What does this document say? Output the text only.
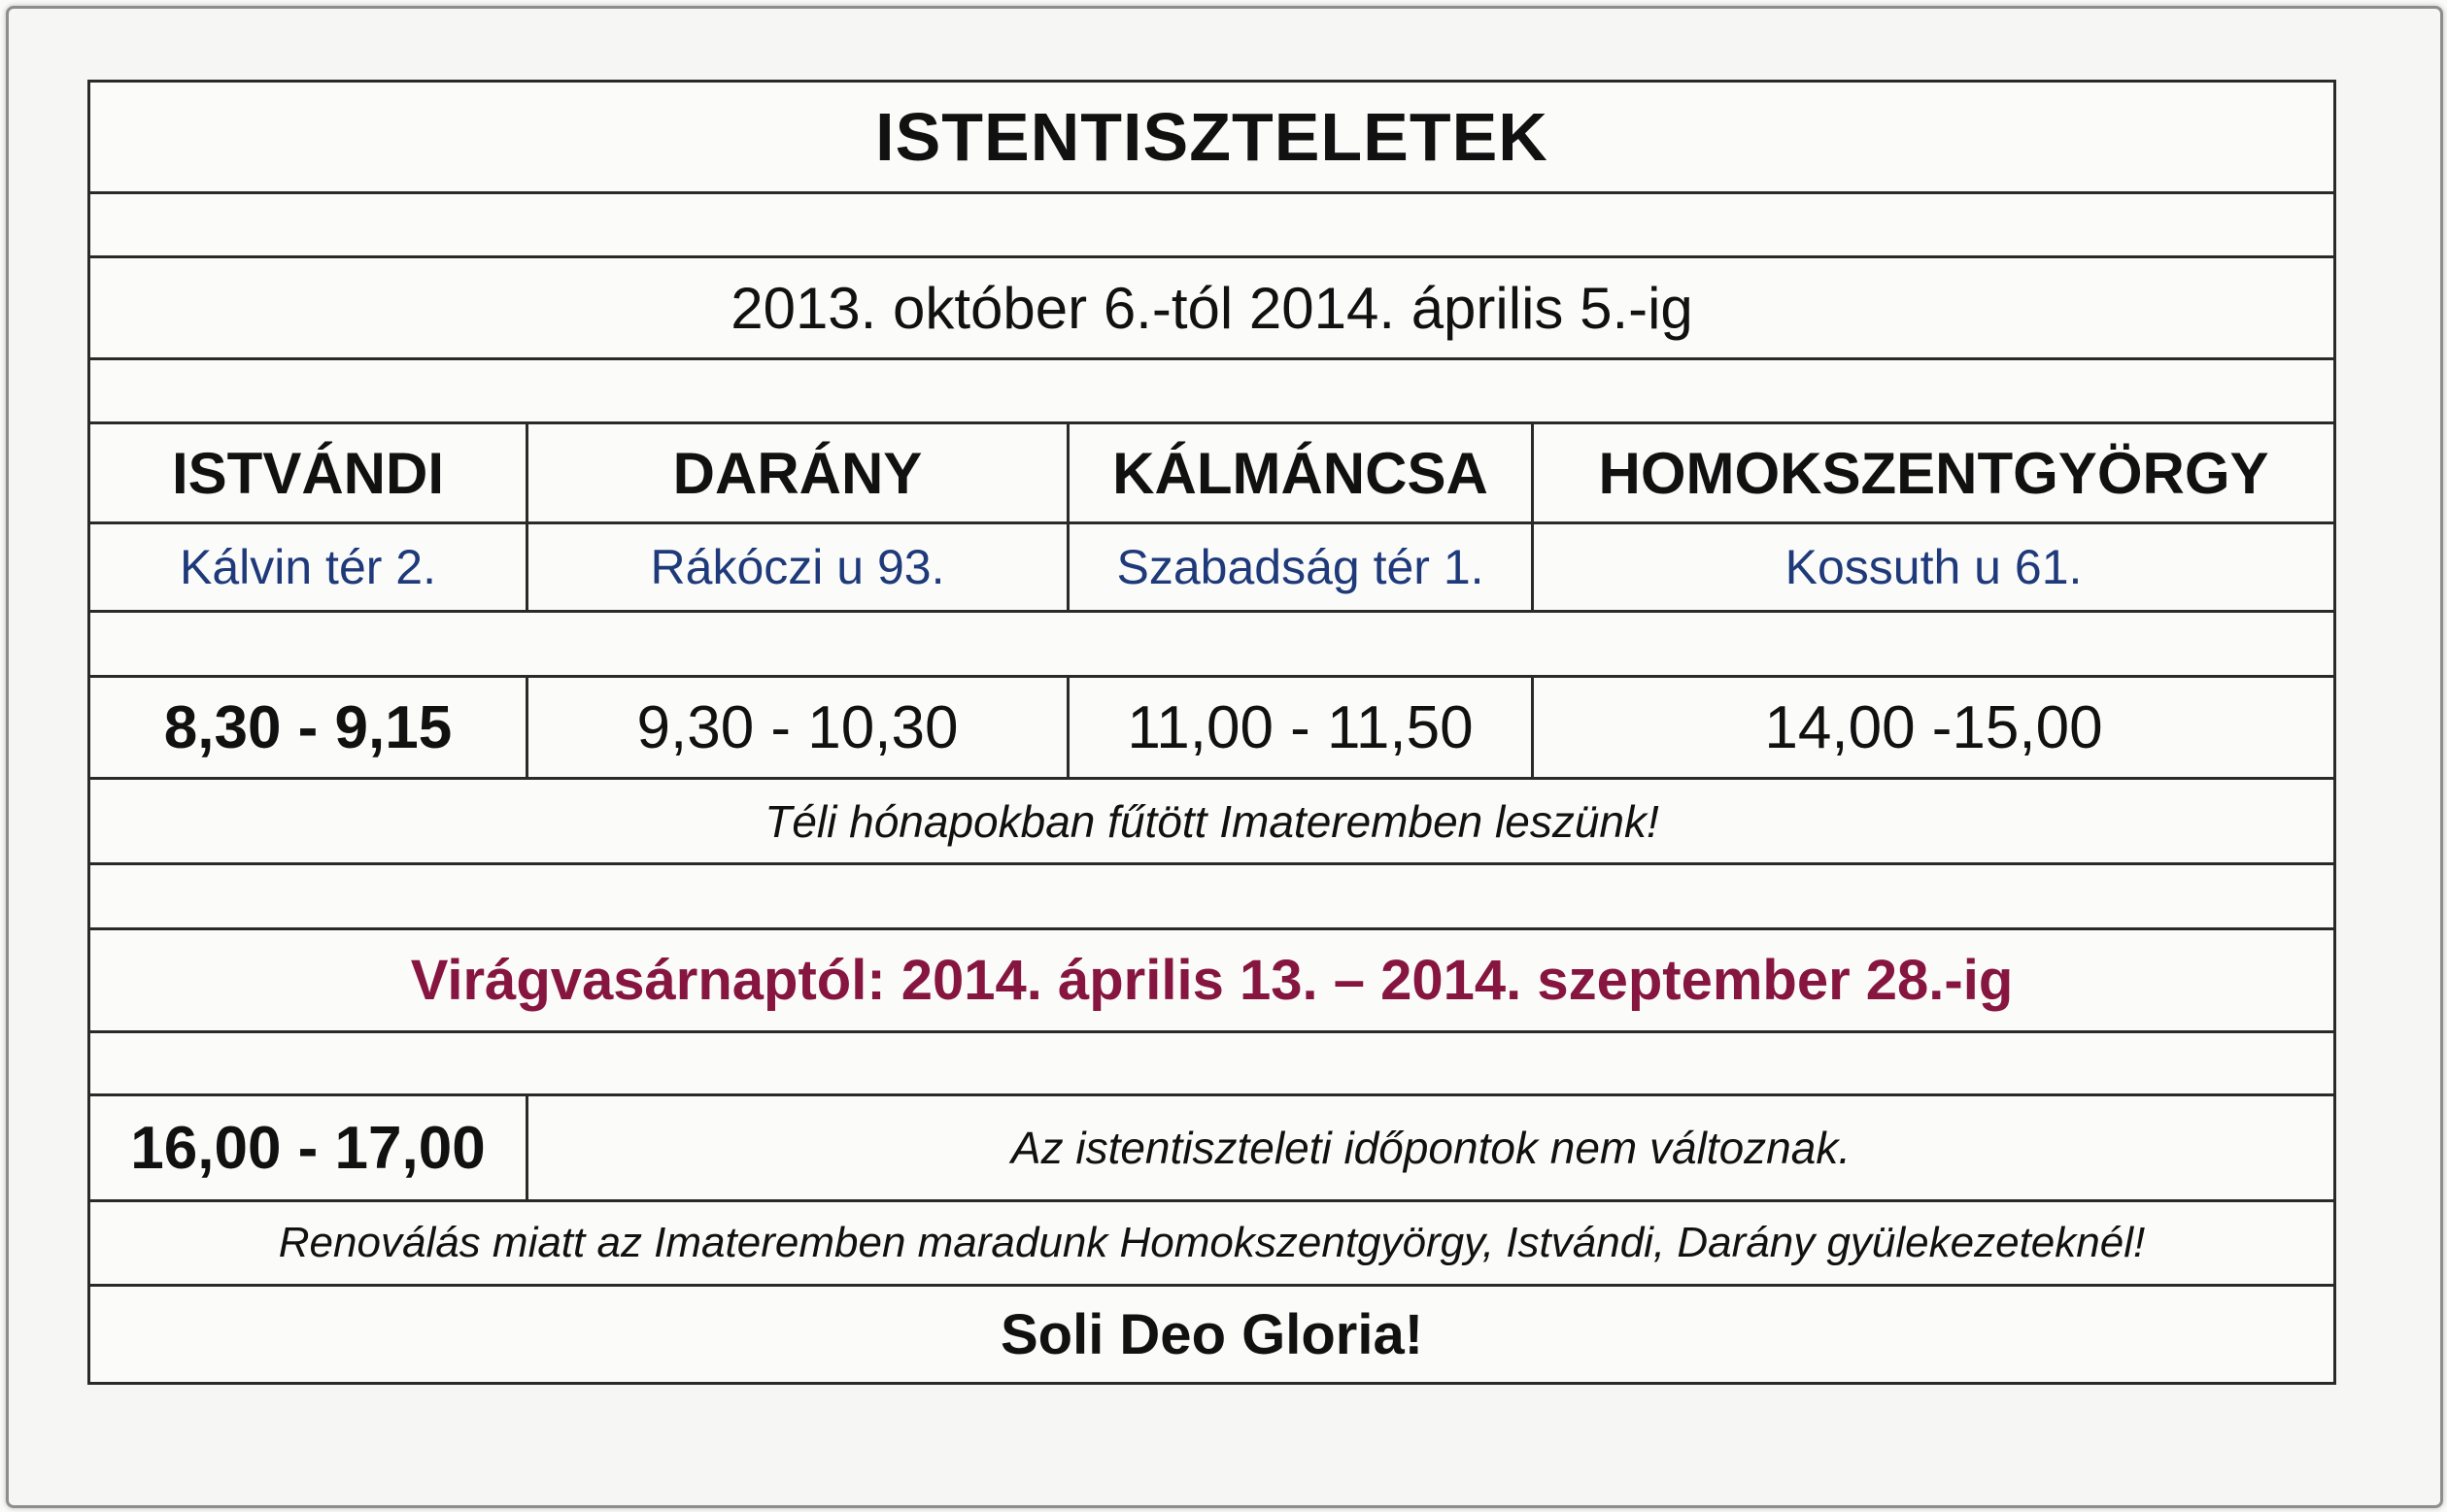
ISTENTISZTELETEK			

2013. október 6.-tól 2014. április 5.-ig			

ISTVÁNDI	DARÁNY	KÁLMÁNCSA	HOMOKSZENTGYÖRGY
Kálvin tér 2.	Rákóczi u 93.	Szabadság tér 1.	Kossuth u 61.

8,30 - 9,15	9,30 - 10,30	11,00 - 11,50	14,00 -15,00
Téli hónapokban fűtött Imateremben leszünk!			

Virágvasárnaptól: 2014. április 13. – 2014. szeptember 28.-ig			

16,00 - 17,00	Az istentiszteleti időpontok nem változnak.		
Renoválás miatt az Imateremben maradunk Homokszentgyörgy, Istvándi, Darány gyülekezeteknél!			
Soli Deo Gloria!			
